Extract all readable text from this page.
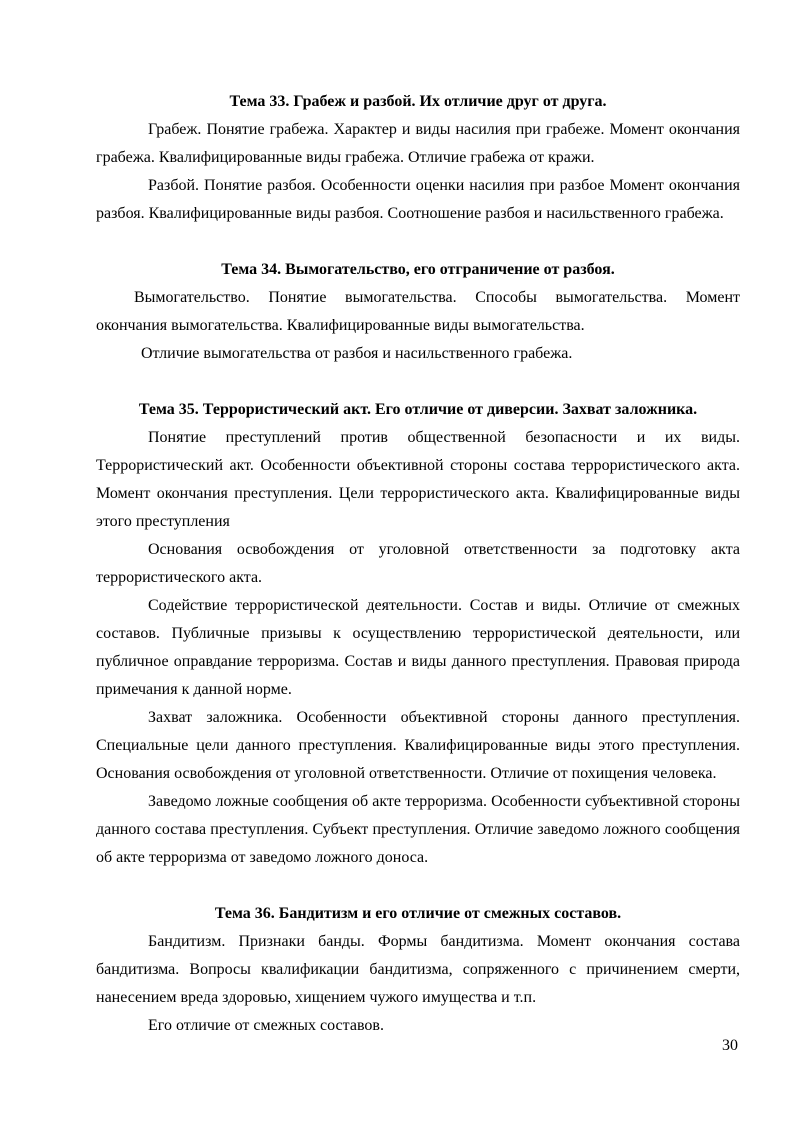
Тема 33. Грабеж и разбой. Их отличие друг от друга.

Грабеж. Понятие грабежа. Характер и виды насилия при грабеже. Момент окончания грабежа. Квалифицированные виды грабежа. Отличие грабежа от кражи.

Разбой. Понятие разбоя. Особенности оценки насилия при разбое Момент окончания разбоя. Квалифицированные виды разбоя. Соотношение разбоя и насильственного грабежа.

Тема 34. Вымогательство, его отграничение от разбоя.

Вымогательство. Понятие вымогательства. Способы вымогательства. Момент окончания вымогательства. Квалифицированные виды вымогательства.

Отличие вымогательства от разбоя и насильственного грабежа.

Тема 35. Террористический акт. Его отличие от диверсии. Захват заложника.

Понятие преступлений против общественной безопасности и их виды. Террористический акт. Особенности объективной стороны состава террористического акта. Момент окончания преступления. Цели террористического акта. Квалифицированные виды этого преступления

Основания освобождения от уголовной ответственности за подготовку акта террористического акта.

Содействие террористической деятельности. Состав и виды. Отличие от смежных составов. Публичные призывы к осуществлению террористической деятельности, или публичное оправдание терроризма. Состав и виды данного преступления. Правовая природа примечания к данной норме.

Захват заложника. Особенности объективной стороны данного преступления. Специальные цели данного преступления. Квалифицированные виды этого преступления. Основания освобождения от уголовной ответственности. Отличие от похищения человека.

Заведомо ложные сообщения об акте терроризма. Особенности субъективной стороны данного состава преступления. Субъект преступления. Отличие заведомо ложного сообщения об акте терроризма от заведомо ложного доноса.

Тема 36. Бандитизм и его отличие от смежных составов.

Бандитизм. Признаки банды. Формы бандитизма. Момент окончания состава бандитизма. Вопросы квалификации бандитизма, сопряженного с причинением смерти, нанесением вреда здоровью, хищением чужого имущества и т.п.

Его отличие от смежных составов.

30
